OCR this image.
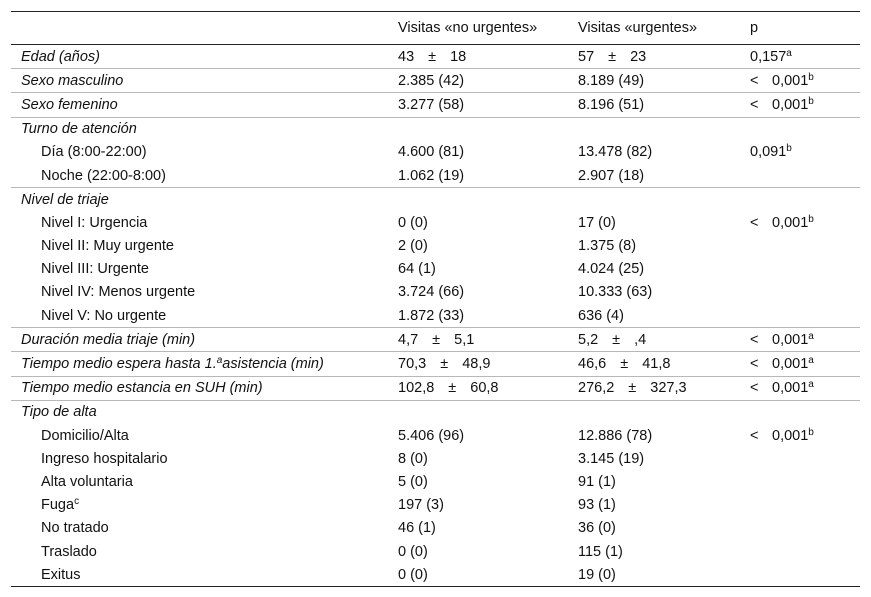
	Visitas «no urgentes»	Visitas «urgentes»	p
Edad (años)	43 ± 18	57 ± 23	0,157$^a$
Sexo masculino	2.385 (42)	8.189 (49)	< 0,001$^b$
Sexo femenino	3.277 (58)	8.196 (51)	< 0,001$^b$
Turno de atención			
Día (8:00-22:00)	4.600 (81)	13.478 (82)	0,091$^b$
Noche (22:00-8:00)	1.062 (19)	2.907 (18)	
Nivel de triaje			
Nivel I: Urgencia	0 (0)	17 (0)	< 0,001$^b$
Nivel II: Muy urgente	2 (0)	1.375 (8)	
Nivel III: Urgente	64 (1)	4.024 (25)	
Nivel IV: Menos urgente	3.724 (66)	10.333 (63)	
Nivel V: No urgente	1.872 (33)	636 (4)	
Duración media triaje (min)	4,7 ± 5,1	5,2 ± ,4	< 0,001$^a$
Tiempo medio espera hasta 1.$^a$asistencia (min)	70,3 ± 48,9	46,6 ± 41,8	< 0,001$^a$
Tiempo medio estancia en SUH (min)	102,8 ± 60,8	276,2 ± 327,3	< 0,001$^a$
Tipo de alta			
Domicilio/Alta	5.406 (96)	12.886 (78)	< 0,001$^b$
Ingreso hospitalario	8 (0)	3.145 (19)	
Alta voluntaria	5 (0)	91 (1)	
Fuga$^c$	197 (3)	93 (1)	
No tratado	46 (1)	36 (0)	
Traslado	0 (0)	115 (1)	
Exitus	0 (0)	19 (0)	
